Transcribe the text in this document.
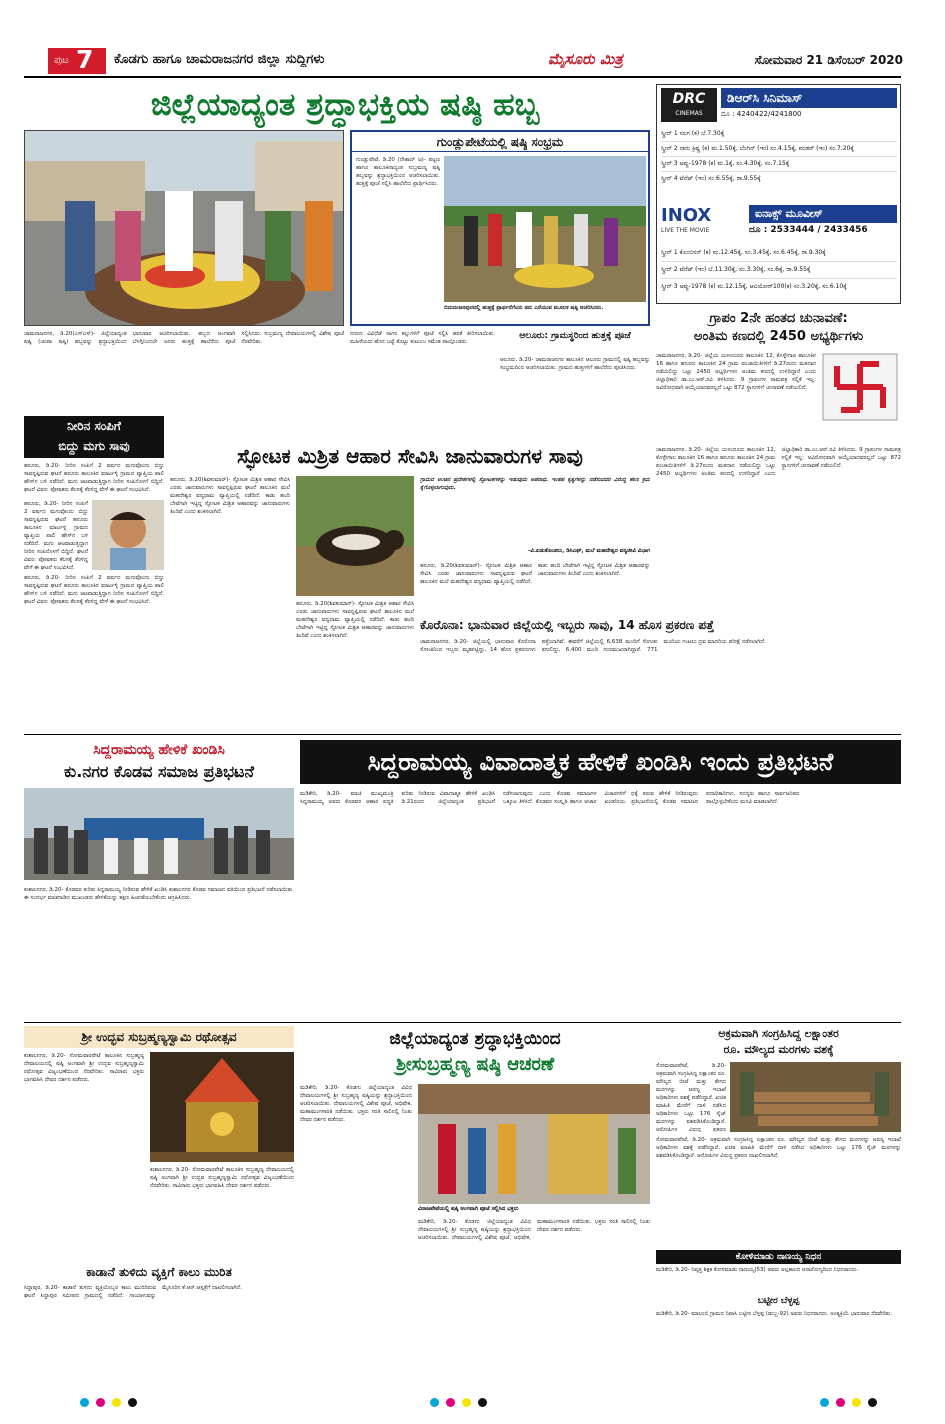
ಪುಟ 7 ಕೊಡಗು ಹಾಗೂ ಚಾಮರಾಜನಗರ ಜಿಲ್ಲಾ ಸುದ್ದಿಗಳು	ಮೈಸೂರು ಮಿತ್ರ	ಸೋಮವಾರ 21 ಡಿಸೆಂಬರ್ 2020
ಜಿಲ್ಲೆಯಾದ್ಯಂತ ಶ್ರದ್ಧಾಭಕ್ತಿಯ ಷಷ್ಠಿ ಹಬ್ಬ
ಗುಂಡ್ಲುಪೇಟೆಯಲ್ಲಿ ಷಷ್ಠಿ ಸಂಭ್ರಮ
ಗುಂಡ್ಲುಪೇಟೆ, ಡಿ.20 (ನೌಶಾದ್ ಜ)- ಪಟ್ಟಣ ಹಾಗೂ ತಾಲೂಕಿನಾದ್ಯಂತ ಸುಬ್ರಮಣ್ಯ ಷಷ್ಠಿ ಹಬ್ಬವನ್ನು ಶ್ರದ್ಧಾಭಕ್ತಿಯಿಂದ ಆಚರಿಸಲಾಯಿತು. ಹುತ್ತಕ್ಕೆ ಪೂಜೆ ಸಲ್ಲಿಸಿ ಹಾಲೆರೆದು ಪ್ರಾರ್ಥಿಸಿದರು.
ಬಿದುನಂಜನಪುರದಲ್ಲಿ ಹುತ್ತಕ್ಕೆ ಪ್ರಾರ್ಥನೆಗೆಂದು ತನು ಎರೆಯುವ ಮೂಲಕ ಷಷ್ಠಿ ಆಚರಿಸಿದರು.
ಚಾಮರಾಜನಗರ, ಡಿ.20(ಎಸ್‌ಎಸ್)- ಜಿಲ್ಲೆಯಾದ್ಯಂತ ಷಷ್ಠಿ (ಚಂಪಾ ಷಷ್ಠಿ) ಹಬ್ಬವನ್ನು ಶ್ರದ್ಧಾಭಕ್ತಿಯಿಂದ ಭಾನುವಾರ ಆಚರಿಸಲಾಯಿತು. ಹಬ್ಬದ ಅಂಗವಾಗಿ ಬೆಳಗ್ಗಿನಿಂದಲೇ ಜನರು ಹುತ್ತಕ್ಕೆ ಹಾಲೆರೆದು ಪೂಜೆ ಸಲ್ಲಿಸಿದರು. ಸುಬ್ರಮಣ್ಯ ದೇವಾಲಯಗಳಲ್ಲಿ ವಿಶೇಷ ಪೂಜೆ ನೆರವೇರಿತು.
ನಗರದ ವಿವಿಧೆಡೆ ನಾಗರ ಕಲ್ಲುಗಳಿಗೆ ಪೂಜೆ ಸಲ್ಲಿಸಿ ಹರಕೆ ತೀರಿಸಲಾಯಿತು. ಮಹಿಳೆಯರು ಹೊಸ ಬಟ್ಟೆ ತೊಟ್ಟು ಕುಟುಂಬ ಸಮೇತ ಪಾಲ್ಗೊಂಡರು.
ಆಲೂರು: ಗ್ರಾಮಸ್ಥರಿಂದ ಹುತ್ತಕ್ಕೆ ಪೂಜೆ
ಆಲೂರು, ಡಿ.20- ಚಾಮರಾಜನಗರ ತಾಲೂಕಿನ ಆಲೂರು ಗ್ರಾಮದಲ್ಲಿ ಷಷ್ಠಿ ಹಬ್ಬವನ್ನು ಸಂಭ್ರಮದಿಂದ ಆಚರಿಸಲಾಯಿತು. ಗ್ರಾಮದ ಹುತ್ತಗಳಿಗೆ ಹಾಲೆರೆದು ಪೂಜಿಸಿದರು.
DRC
CINEMAS
ಡಿಆರ್‌ಸಿ ಸಿನಿಮಾಸ್
ದೂ : 4240422/4241800
ಸ್ಕ್ರೀನ್ 1 ಸಲಗ (ಕ) ಬೆ.7.30ಕ್ಕೆ
ಸ್ಕ್ರೀನ್ 2 ನಾನು ಕ್ರಿಷ್ಣ (ಕ) ಮ.1.50ಕ್ಕೆ, ಬೆಂಗಿನ್ (ಇಂ) ಸಂ.4.15ಕ್ಕೆ, ವಂಡರ್ (ಇಂ) ಸಂ.7.20ಕ್ಕೆ
ಸ್ಕ್ರೀನ್ 3 ಅಪ್ಪು-1978 (ಕ) ಮ.1ಕ್ಕೆ, ಸಂ.4.30ಕ್ಕೆ, ಸಂ.7.15ಕ್ಕೆ
ಸ್ಕ್ರೀನ್ 4 ಟೆನೆಟ್ (ಇಂ) ಸಂ.6.55ಕ್ಕೆ, ರಾ.9.55ಕ್ಕೆ
INOX
LIVE THE MOVIE
ಐನಾಕ್ಸ್ ಮೂವೀಸ್
ದೂ : 2533444 / 2433456
ಸ್ಕ್ರೀನ್ 1 ಕೊಂಬಿಸನ್ (ಕ) ಮ.12.45ಕ್ಕೆ, ಸಂ.3.45ಕ್ಕೆ, ಸಂ.6.45ಕ್ಕೆ, ರಾ.9.30ಕ್ಕೆ
ಸ್ಕ್ರೀನ್ 2 ಟೆನೆಟ್ (ಇಂ) ಬೆ.11.30ಕ್ಕೆ, ಸಂ.3.30ಕ್ಕೆ, ಸಂ.6ಕ್ಕೆ, ರಾ.9.55ಕ್ಕೆ
ಸ್ಕ್ರೀನ್ 3 ಅಪ್ಪು-1978 (ಕ) ಮ.12.15ಕ್ಕೆ, ಆವಿಯೋರ್100(ಕ) ಸಂ.3.20ಕ್ಕೆ, ಸಂ.6.10ಕ್ಕೆ
ಗ್ರಾಪಂ 2ನೇ ಹಂತದ ಚುನಾವಣೆ:
ಅಂತಿಮ ಕಣದಲ್ಲಿ 2450 ಅಭ್ಯರ್ಥಿಗಳು
ಚಾಮರಾಜನಗರ, ಡಿ.20- ಜಿಲ್ಲೆಯ ಯಳಂದೂರು ತಾಲೂಕಿನ 12, ಕೊಳ್ಳೇಗಾಲ ತಾಲೂಕಿನ 16 ಹಾಗೂ ಹನೂರು ತಾಲೂಕಿನ 24 ಗ್ರಾಮ ಪಂಚಾಯಿತಿಗಳಿಗೆ ಡಿ.27ರಂದು ಮತದಾನ ನಡೆಯಲಿದ್ದು ಒಟ್ಟು 2450 ಅಭ್ಯರ್ಥಿಗಳು ಅಂತಿಮ ಕಣದಲ್ಲಿ ಉಳಿದಿದ್ದಾರೆ ಎಂದು ಜಿಲ್ಲಾಧಿಕಾರಿ ಡಾ.ಎಂ.ಆರ್.ರವಿ ತಿಳಿಸಿದರು. 9 ಗ್ರಾಪಂಗಳ ನಾಮಪತ್ರ ಸಲ್ಲಿಕೆ ಇಲ್ಲ: ಅವಿರೋಧವಾಗಿ ಆಯ್ಕೆಯಾದವರಲ್ಲದೆ ಒಟ್ಟು 872 ಸ್ಥಾನಗಳಿಗೆ ಚುನಾವಣೆ ನಡೆಯಲಿದೆ.
ಚಾಮರಾಜನಗರ, ಡಿ.20- ಜಿಲ್ಲೆಯ ಯಳಂದೂರು ತಾಲೂಕಿನ 12, ಕೊಳ್ಳೇಗಾಲ ತಾಲೂಕಿನ 16 ಹಾಗೂ ಹನೂರು ತಾಲೂಕಿನ 24 ಗ್ರಾಮ ಪಂಚಾಯಿತಿಗಳಿಗೆ ಡಿ.27ರಂದು ಮತದಾನ ನಡೆಯಲಿದ್ದು ಒಟ್ಟು 2450 ಅಭ್ಯರ್ಥಿಗಳು ಅಂತಿಮ ಕಣದಲ್ಲಿ ಉಳಿದಿದ್ದಾರೆ ಎಂದು ಜಿಲ್ಲಾಧಿಕಾರಿ ಡಾ.ಎಂ.ಆರ್.ರವಿ ತಿಳಿಸಿದರು. 9 ಗ್ರಾಪಂಗಳ ನಾಮಪತ್ರ ಸಲ್ಲಿಕೆ ಇಲ್ಲ: ಅವಿರೋಧವಾಗಿ ಆಯ್ಕೆಯಾದವರಲ್ಲದೆ ಒಟ್ಟು 872 ಸ್ಥಾನಗಳಿಗೆ ಚುನಾವಣೆ ನಡೆಯಲಿದೆ.
ನೀರಿನ ಸಂಪಿಗೆ
ಬಿದ್ದು ಮಗು ಸಾವು
ಹನೂರು, ಡಿ.20- ನೀರಿನ ಸಂಪಿಗೆ 2 ವರ್ಷದ ಮಗುವೊಂದು ಬಿದ್ದು ಸಾವನ್ನಪ್ಪಿರುವ ಘಟನೆ ಹನೂರು ತಾಲೂಕಿನ ಮಾರ್ಟಳ್ಳಿ ಗ್ರಾಮದ ವ್ಯಾಪ್ತಿಯ ಪಾಲಿ ಹೌಸ್‌ನ ಬಳಿ ನಡೆದಿದೆ. ಮಗು ಆಟವಾಡುತ್ತಿದ್ದಾಗ ನೀರಿನ ಸಂಪಿನೊಳಗೆ ಬಿದ್ದಿದೆ. ಘಟನೆ ವಿವರ: ಪೋಷಕರು ಕೆಲಸಕ್ಕೆ ತೆರಳಿದ್ದ ವೇಳೆ ಈ ಘಟನೆ ಸಂಭವಿಸಿದೆ.
ಹನೂರು, ಡಿ.20- ನೀರಿನ ಸಂಪಿಗೆ 2 ವರ್ಷದ ಮಗುವೊಂದು ಬಿದ್ದು ಸಾವನ್ನಪ್ಪಿರುವ ಘಟನೆ ಹನೂರು ತಾಲೂಕಿನ ಮಾರ್ಟಳ್ಳಿ ಗ್ರಾಮದ ವ್ಯಾಪ್ತಿಯ ಪಾಲಿ ಹೌಸ್‌ನ ಬಳಿ ನಡೆದಿದೆ. ಮಗು ಆಟವಾಡುತ್ತಿದ್ದಾಗ ನೀರಿನ ಸಂಪಿನೊಳಗೆ ಬಿದ್ದಿದೆ. ಘಟನೆ ವಿವರ: ಪೋಷಕರು ಕೆಲಸಕ್ಕೆ ತೆರಳಿದ್ದ ವೇಳೆ ಈ ಘಟನೆ ಸಂಭವಿಸಿದೆ.
ಹನೂರು, ಡಿ.20- ನೀರಿನ ಸಂಪಿಗೆ 2 ವರ್ಷದ ಮಗುವೊಂದು ಬಿದ್ದು ಸಾವನ್ನಪ್ಪಿರುವ ಘಟನೆ ಹನೂರು ತಾಲೂಕಿನ ಮಾರ್ಟಳ್ಳಿ ಗ್ರಾಮದ ವ್ಯಾಪ್ತಿಯ ಪಾಲಿ ಹೌಸ್‌ನ ಬಳಿ ನಡೆದಿದೆ. ಮಗು ಆಟವಾಡುತ್ತಿದ್ದಾಗ ನೀರಿನ ಸಂಪಿನೊಳಗೆ ಬಿದ್ದಿದೆ. ಘಟನೆ ವಿವರ: ಪೋಷಕರು ಕೆಲಸಕ್ಕೆ ತೆರಳಿದ್ದ ವೇಳೆ ಈ ಘಟನೆ ಸಂಭವಿಸಿದೆ.
ಸ್ಫೋಟಕ ಮಿಶ್ರಿತ ಆಹಾರ ಸೇವಿಸಿ ಜಾನುವಾರುಗಳ ಸಾವು
ಹನೂರು, ಡಿ.20(ಶಿವಕುಮಾರ್)- ಸ್ಫೋಟಕ ಮಿಶ್ರಿತ ಆಹಾರ ಸೇವಿಸಿ ಎರಡು ಜಾನುವಾರುಗಳು ಸಾವನ್ನಪ್ಪಿರುವ ಘಟನೆ ತಾಲೂಕಿನ ಮಲೆ ಮಹದೇಶ್ವರ ವನ್ಯಧಾಮ ವ್ಯಾಪ್ತಿಯಲ್ಲಿ ನಡೆದಿದೆ. ಕಾಡು ಹಂದಿ ಬೇಟೆಗಾಗಿ ಇಟ್ಟಿದ್ದ ಸ್ಫೋಟಕ ಮಿಶ್ರಿತ ಆಹಾರವನ್ನು ಜಾನುವಾರುಗಳು ತಿಂದಿವೆ ಎಂದು ಶಂಕಿಸಲಾಗಿದೆ.
ಹನೂರು, ಡಿ.20(ಶಿವಕುಮಾರ್)- ಸ್ಫೋಟಕ ಮಿಶ್ರಿತ ಆಹಾರ ಸೇವಿಸಿ ಎರಡು ಜಾನುವಾರುಗಳು ಸಾವನ್ನಪ್ಪಿರುವ ಘಟನೆ ತಾಲೂಕಿನ ಮಲೆ ಮಹದೇಶ್ವರ ವನ್ಯಧಾಮ ವ್ಯಾಪ್ತಿಯಲ್ಲಿ ನಡೆದಿದೆ. ಕಾಡು ಹಂದಿ ಬೇಟೆಗಾಗಿ ಇಟ್ಟಿದ್ದ ಸ್ಫೋಟಕ ಮಿಶ್ರಿತ ಆಹಾರವನ್ನು ಜಾನುವಾರುಗಳು ತಿಂದಿವೆ ಎಂದು ಶಂಕಿಸಲಾಗಿದೆ.
ಗ್ರಾಮದ ಅಂಚಿನ ಪ್ರದೇಶಗಳಲ್ಲಿ ಸ್ಫೋಟಕಗಳನ್ನು ಇಡುವುದು ಅಪರಾಧ. ಇಂತಹ ಕೃತ್ಯಗಳನ್ನು ನಡೆಸುವವರ ವಿರುದ್ಧ ಕಠಿಣ ಕ್ರಮ ಕೈಗೊಳ್ಳಲಾಗುವುದು.
-ವಿ.ಏಡುಕೊಂಡಲು, ಡಿಸಿಎಫ್, ಮಲೆ ಮಹದೇಶ್ವರ ವನ್ಯಜೀವಿ ವಿಭಾಗ
ಹನೂರು, ಡಿ.20(ಶಿವಕುಮಾರ್)- ಸ್ಫೋಟಕ ಮಿಶ್ರಿತ ಆಹಾರ ಸೇವಿಸಿ ಎರಡು ಜಾನುವಾರುಗಳು ಸಾವನ್ನಪ್ಪಿರುವ ಘಟನೆ ತಾಲೂಕಿನ ಮಲೆ ಮಹದೇಶ್ವರ ವನ್ಯಧಾಮ ವ್ಯಾಪ್ತಿಯಲ್ಲಿ ನಡೆದಿದೆ. ಕಾಡು ಹಂದಿ ಬೇಟೆಗಾಗಿ ಇಟ್ಟಿದ್ದ ಸ್ಫೋಟಕ ಮಿಶ್ರಿತ ಆಹಾರವನ್ನು ಜಾನುವಾರುಗಳು ತಿಂದಿವೆ ಎಂದು ಶಂಕಿಸಲಾಗಿದೆ.
ಕೊರೊನಾ: ಭಾನುವಾರ ಜಿಲ್ಲೆಯಲ್ಲಿ ಇಬ್ಬರು ಸಾವು, 14 ಹೊಸ ಪ್ರಕರಣ ಪತ್ತೆ
ಚಾಮರಾಜನಗರ, ಡಿ.20- ಜಿಲ್ಲೆಯಲ್ಲಿ ಭಾನುವಾರ ಕೊರೊನಾ ಸೋಂಕಿನಿಂದ ಇಬ್ಬರು ಮೃತಪಟ್ಟಿದ್ದು, 14 ಹೊಸ ಪ್ರಕರಣಗಳು ಪತ್ತೆಯಾಗಿವೆ. ಈವರೆಗೆ ಜಿಲ್ಲೆಯಲ್ಲಿ 6,638 ಮಂದಿಗೆ ಸೋಂಕು ತಗುಲಿದ್ದು, 6,400 ಮಂದಿ ಗುಣಮುಖರಾಗಿದ್ದಾರೆ. 771 ಮಂದಿಯ ಗಂಟಲು ದ್ರವ ಮಾದರಿಯ ಪರೀಕ್ಷೆ ನಡೆಸಲಾಗಿದೆ.
ಸಿದ್ದರಾಮಯ್ಯ ಹೇಳಿಕೆ ಖಂಡಿಸಿ
ಕು.ನಗರ ಕೊಡವ ಸಮಾಜ ಪ್ರತಿಭಟನೆ
ಕುಶಾಲನಗರ, ಡಿ.20- ಕೊಡವರ ಕುರಿತು ಸಿದ್ದರಾಮಯ್ಯ ನೀಡಿರುವ ಹೇಳಿಕೆ ಖಂಡಿಸಿ ಕುಶಾಲನಗರ ಕೊಡವ ಸಮಾಜದ ವತಿಯಿಂದ ಪ್ರತಿಭಟನೆ ನಡೆಸಲಾಯಿತು. ಈ ಸಂದರ್ಭ ಮಾತನಾಡಿದ ಮುಖಂಡರು ಹೇಳಿಕೆಯನ್ನು ತಕ್ಷಣ ಹಿಂಪಡೆಯಬೇಕೆಂದು ಆಗ್ರಹಿಸಿದರು.
ಸಿದ್ದರಾಮಯ್ಯ ವಿವಾದಾತ್ಮಕ ಹೇಳಿಕೆ ಖಂಡಿಸಿ ಇಂದು ಪ್ರತಿಭಟನೆ
ಮಡಿಕೇರಿ, ಡಿ.20- ಮಾಜಿ ಮುಖ್ಯಮಂತ್ರಿ ಸಿದ್ದರಾಮಯ್ಯ ಅವರು ಕೊಡವರ ಆಹಾರ ಪದ್ಧತಿ ಕುರಿತು ನೀಡಿರುವ ವಿವಾದಾತ್ಮಕ ಹೇಳಿಕೆ ಖಂಡಿಸಿ ಡಿ.21ರಂದು ಜಿಲ್ಲೆಯಾದ್ಯಂತ ಪ್ರತಿಭಟನೆ ನಡೆಸಲಾಗುವುದು ಎಂದು ಕೊಡವ ಸಮಾಜಗಳ ಒಕ್ಕೂಟ ತಿಳಿಸಿದೆ. ಕೊಡವರ ಸಂಸ್ಕೃತಿ ಹಾಗೂ ಆಚಾರ ವಿಚಾರಗಳಿಗೆ ಧಕ್ಕೆ ತರುವ ಹೇಳಿಕೆ ನೀಡಿರುವುದು ಖಂಡನೀಯ. ಪ್ರತಿಭಟನೆಯಲ್ಲಿ ಕೊಡವ ಸಮಾಜದ ಪದಾಧಿಕಾರಿಗಳು, ಸದಸ್ಯರು ಹಾಗೂ ಸಾರ್ವಜನಿಕರು ಪಾಲ್ಗೊಳ್ಳಬೇಕೆಂದು ಮನವಿ ಮಾಡಲಾಗಿದೆ.
ಶ್ರೀ ಉದ್ಭವ ಸುಬ್ರಹ್ಮಣ್ಯಸ್ವಾಮಿ ರಥೋತ್ಸವ
ಕುಶಾಲನಗರ, ಡಿ.20- ಸೋಮವಾರಪೇಟೆ ತಾಲೂಕಿನ ಸುಬ್ರಹ್ಮಣ್ಯ ದೇವಾಲಯದಲ್ಲಿ ಷಷ್ಠಿ ಅಂಗವಾಗಿ ಶ್ರೀ ಉದ್ಭವ ಸುಬ್ರಹ್ಮಣ್ಯಸ್ವಾಮಿ ರಥೋತ್ಸವ ವಿಜೃಂಭಣೆಯಿಂದ ನೆರವೇರಿತು. ಸಾವಿರಾರು ಭಕ್ತರು ಭಾಗವಹಿಸಿ ದೇವರ ದರ್ಶನ ಪಡೆದರು.
ಕುಶಾಲನಗರ, ಡಿ.20- ಸೋಮವಾರಪೇಟೆ ತಾಲೂಕಿನ ಸುಬ್ರಹ್ಮಣ್ಯ ದೇವಾಲಯದಲ್ಲಿ ಷಷ್ಠಿ ಅಂಗವಾಗಿ ಶ್ರೀ ಉದ್ಭವ ಸುಬ್ರಹ್ಮಣ್ಯಸ್ವಾಮಿ ರಥೋತ್ಸವ ವಿಜೃಂಭಣೆಯಿಂದ ನೆರವೇರಿತು. ಸಾವಿರಾರು ಭಕ್ತರು ಭಾಗವಹಿಸಿ ದೇವರ ದರ್ಶನ ಪಡೆದರು.
ಕಾಡಾನೆ ತುಳಿದು ವ್ಯಕ್ತಿಗೆ ಕಾಲು ಮುರಿತ
ಸಿದ್ದಾಪುರ, ಡಿ.20- ಕಾಡಾನೆ ತುಳಿದು ವ್ಯಕ್ತಿಯೊಬ್ಬರ ಕಾಲು ಮುರಿದಿರುವ ಘಟನೆ ಸಿದ್ದಾಪುರ ಸಮೀಪದ ಗ್ರಾಮದಲ್ಲಿ ನಡೆದಿದೆ. ಗಾಯಾಳುವನ್ನು ಮೈಸೂರಿನ ಕೆ.ಆರ್.ಆಸ್ಪತ್ರೆಗೆ ದಾಖಲಿಸಲಾಗಿದೆ.
ಜಿಲ್ಲೆಯಾದ್ಯಂತ ಶ್ರದ್ಧಾಭಕ್ತಿಯಿಂದ
ಶ್ರೀಸುಬ್ರಹ್ಮಣ್ಯ ಷಷ್ಠಿ ಆಚರಣೆ
ಮಡಿಕೇರಿ, ಡಿ.20- ಕೊಡಗು ಜಿಲ್ಲೆಯಾದ್ಯಂತ ವಿವಿಧ ದೇವಾಲಯಗಳಲ್ಲಿ ಶ್ರೀ ಸುಬ್ರಹ್ಮಣ್ಯ ಷಷ್ಠಿಯನ್ನು ಶ್ರದ್ಧಾಭಕ್ತಿಯಿಂದ ಆಚರಿಸಲಾಯಿತು. ದೇವಾಲಯಗಳಲ್ಲಿ ವಿಶೇಷ ಪೂಜೆ, ಅಭಿಷೇಕ, ಮಹಾಮಂಗಳಾರತಿ ನಡೆಯಿತು. ಭಕ್ತರು ಸರತಿ ಸಾಲಿನಲ್ಲಿ ನಿಂತು ದೇವರ ದರ್ಶನ ಪಡೆದರು.
ವಿರಾಜಪೇಟೆಯಲ್ಲಿ ಷಷ್ಠಿ ಅಂಗವಾಗಿ ಪೂಜೆ ಸಲ್ಲಿಸಿದ ಭಕ್ತರು
ಮಡಿಕೇರಿ, ಡಿ.20- ಕೊಡಗು ಜಿಲ್ಲೆಯಾದ್ಯಂತ ವಿವಿಧ ದೇವಾಲಯಗಳಲ್ಲಿ ಶ್ರೀ ಸುಬ್ರಹ್ಮಣ್ಯ ಷಷ್ಠಿಯನ್ನು ಶ್ರದ್ಧಾಭಕ್ತಿಯಿಂದ ಆಚರಿಸಲಾಯಿತು. ದೇವಾಲಯಗಳಲ್ಲಿ ವಿಶೇಷ ಪೂಜೆ, ಅಭಿಷೇಕ, ಮಹಾಮಂಗಳಾರತಿ ನಡೆಯಿತು. ಭಕ್ತರು ಸರತಿ ಸಾಲಿನಲ್ಲಿ ನಿಂತು ದೇವರ ದರ್ಶನ ಪಡೆದರು.
ಅಕ್ರಮವಾಗಿ ಸಂಗ್ರಹಿಸಿದ್ದ ಲಕ್ಷಾಂತರ
ರೂ. ಮೌಲ್ಯದ ಮರಗಳು ವಶಕ್ಕೆ
ಸೋಮವಾರಪೇಟೆ, ಡಿ.20- ಅಕ್ರಮವಾಗಿ ಸಂಗ್ರಹಿಸಿದ್ದ ಲಕ್ಷಾಂತರ ರೂ. ಮೌಲ್ಯದ ಬೀಟೆ ಮತ್ತು ತೇಗದ ಮರಗಳನ್ನು ಅರಣ್ಯ ಇಲಾಖೆ ಅಧಿಕಾರಿಗಳು ವಶಕ್ಕೆ ಪಡೆದಿದ್ದಾರೆ. ಖಚಿತ ಮಾಹಿತಿ ಮೇರೆಗೆ ದಾಳಿ ನಡೆಸಿದ ಅಧಿಕಾರಿಗಳು ಒಟ್ಟು 176 ಸೈಜ್ ಮರಗಳನ್ನು ವಶಪಡಿಸಿಕೊಂಡಿದ್ದಾರೆ. ಆರೋಪಿಗಳ ವಿರುದ್ಧ ಪ್ರಕರಣ
ಸೋಮವಾರಪೇಟೆ, ಡಿ.20- ಅಕ್ರಮವಾಗಿ ಸಂಗ್ರಹಿಸಿದ್ದ ಲಕ್ಷಾಂತರ ರೂ. ಮೌಲ್ಯದ ಬೀಟೆ ಮತ್ತು ತೇಗದ ಮರಗಳನ್ನು ಅರಣ್ಯ ಇಲಾಖೆ ಅಧಿಕಾರಿಗಳು ವಶಕ್ಕೆ ಪಡೆದಿದ್ದಾರೆ. ಖಚಿತ ಮಾಹಿತಿ ಮೇರೆಗೆ ದಾಳಿ ನಡೆಸಿದ ಅಧಿಕಾರಿಗಳು ಒಟ್ಟು 176 ಸೈಜ್ ಮರಗಳನ್ನು ವಶಪಡಿಸಿಕೊಂಡಿದ್ದಾರೆ. ಆರೋಪಿಗಳ ವಿರುದ್ಧ ಪ್ರಕರಣ ದಾಖಲಿಸಲಾಗಿದೆ.
ಕೋಳಿಮಾಡು ನಾಣಯ್ಯ ನಿಧನ
ಮಡಿಕೇರಿ, ಡಿ.20- ನಿವೃತ್ತ ಶಿಕ್ಷಕ ಕೋಳಿಮಾಡು ನಾಣಯ್ಯ(53) ಅವರು ಅಲ್ಪಕಾಲದ ಅನಾರೋಗ್ಯದಿಂದ ನಿಧನರಾದರು.
ಬಟ್ಟೀರ ಬೆಳ್ಳಪ್ಪ
ಮಡಿಕೇರಿ, ಡಿ.20- ಮಾಲಂಬಿ ಗ್ರಾಮದ ನಿವಾಸಿ ಬಟ್ಟೀರ ಬೆಳ್ಳಪ್ಪ (ಡುಬ್ಬ-92) ಅವರು ನಿಧನರಾದರು. ಅಂತ್ಯಕ್ರಿಯೆ ಭಾನುವಾರ ನೆರವೇರಿತು.
